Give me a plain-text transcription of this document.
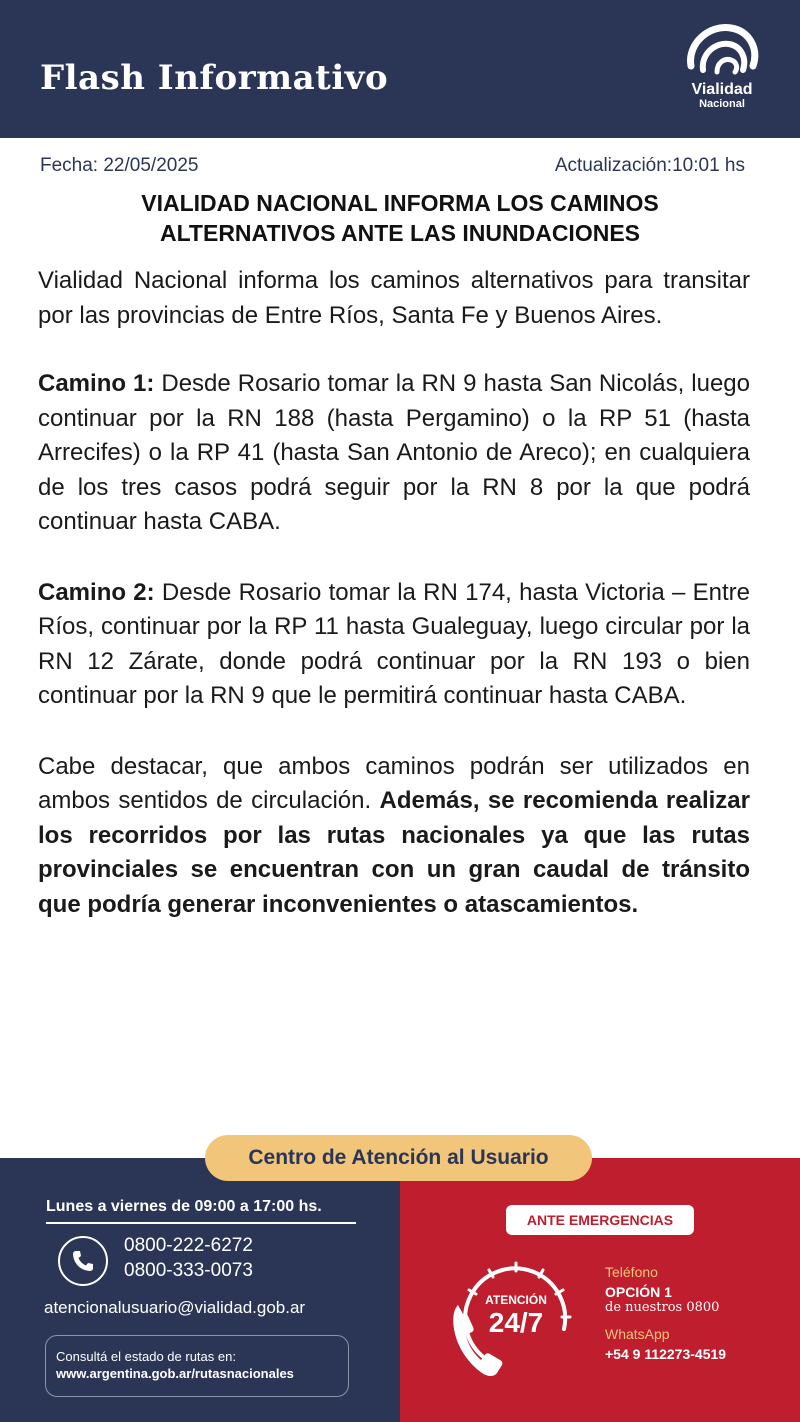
Flash Informativo	Vialidad
Nacional
Fecha: 22/05/2025	Actualización:10:01 hs
VIALIDAD NACIONAL INFORMA LOS CAMINOS
ALTERNATIVOS ANTE LAS INUNDACIONES

Vialidad Nacional informa los caminos alternativos para transitar por las provincias de Entre Ríos, Santa Fe y Buenos Aires.

Camino 1: Desde Rosario tomar la RN 9 hasta San Nicolás, luego continuar por la RN 188 (hasta Pergamino) o la RP 51 (hasta Arrecifes) o la RP 41 (hasta San Antonio de Areco); en cualquiera de los tres casos podrá seguir por la RN 8 por la que podrá continuar hasta CABA.

Camino 2: Desde Rosario tomar la RN 174, hasta Victoria – Entre Ríos, continuar por la RP 11 hasta Gualeguay, luego circular por la RN 12 Zárate, donde podrá continuar por la RN 193 o bien continuar por la RN 9 que le permitirá continuar hasta CABA.

Cabe destacar, que ambos caminos podrán ser utilizados en ambos sentidos de circulación. Además, se recomienda realizar los recorridos por las rutas nacionales ya que las rutas provinciales se encuentran con un gran caudal de tránsito que podría generar inconvenientes o atascamientos.

Centro de Atención al Usuario
Lunes a viernes de 09:00 a 17:00 hs.
0800-222-6272
0800-333-0073
atencionalusuario@vialidad.gob.ar
Consultá el estado de rutas en:
www.argentina.gob.ar/rutasnacionales
ANTE EMERGENCIAS
ATENCIÓN
24/7
Teléfono
OPCIÓN 1
de nuestros 0800
WhatsApp
+54 9 112273-4519
